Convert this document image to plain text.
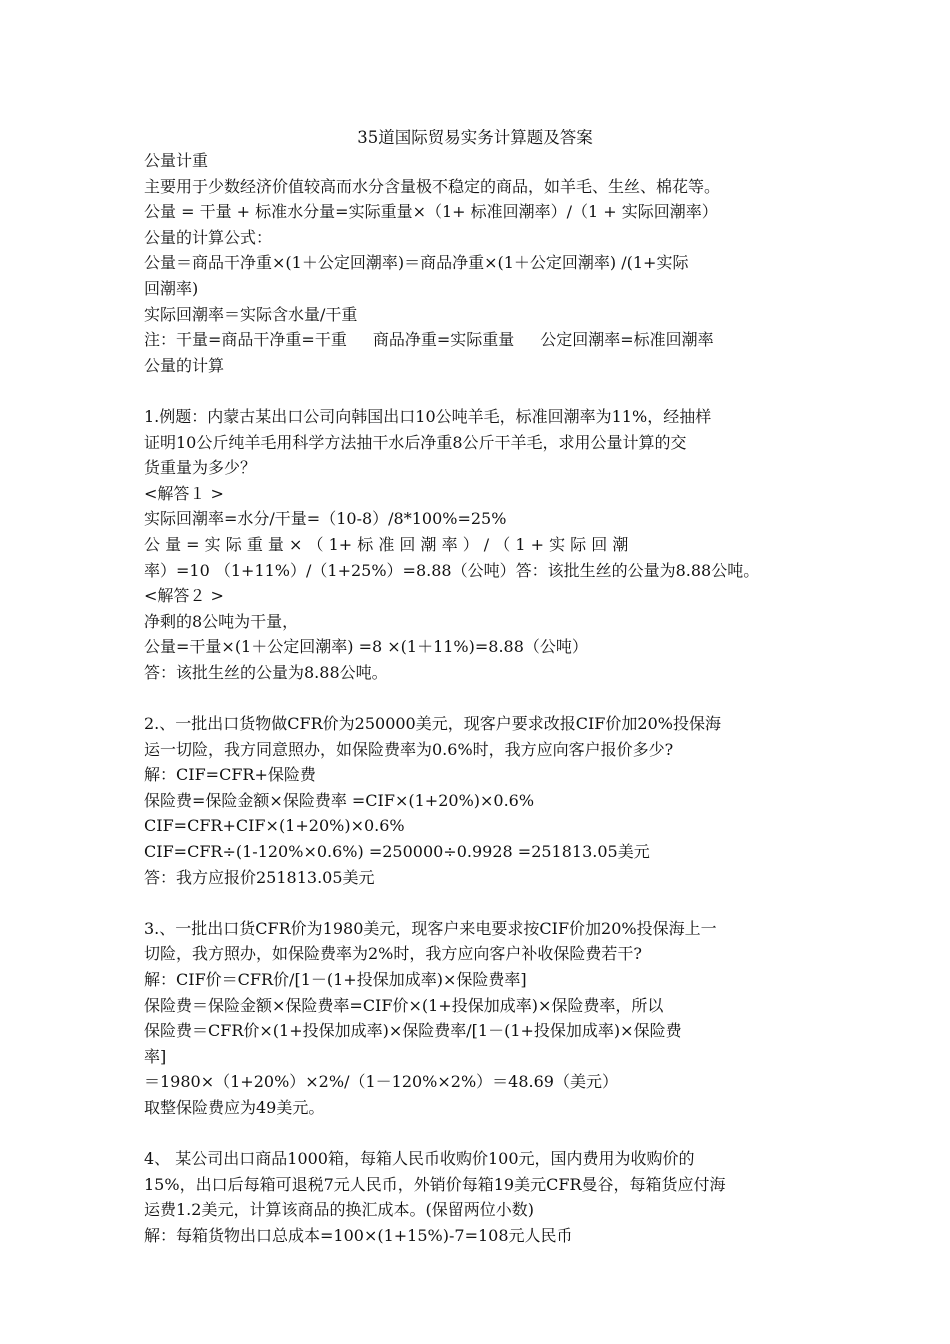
35道国际贸易实务计算题及答案
公量计重
主要用于少数经济价值较高而水分含量极不稳定的商品，如羊毛、生丝、棉花等。
公量 = 干量 + 标准水分量=实际重量×（1+ 标准回潮率）/（1 + 实际回潮率）
公量的计算公式：
公量＝商品干净重×(1＋公定回潮率)＝商品净重×(1＋公定回潮率) /(1+实际
回潮率)
实际回潮率＝实际含水量/干重
注：干量=商品干净重=干重 商品净重=实际重量 公定回潮率=标准回潮率
公量的计算
1.例题：内蒙古某出口公司向韩国出口10公吨羊毛，标准回潮率为11%，经抽样
证明10公斤纯羊毛用科学方法抽干水后净重8公斤干羊毛，求用公量计算的交
货重量为多少？
<解答１ >
实际回潮率=水分/干量=（10-8）/8*100%=25%
公 量 = 实 际 重 量 × （ 1+ 标 准 回 潮 率 ） / （ 1 + 实 际 回 潮
率）=10 （1+11%）/（1+25%）=8.88（公吨）答：该批生丝的公量为8.88公吨。
<解答２ >
净剩的8公吨为干量，
公量=干量×(1＋公定回潮率) =8 ×(1＋11%)=8.88（公吨）
答：该批生丝的公量为8.88公吨。
2.、一批出口货物做CFR价为250000美元，现客户要求改报CIF价加20%投保海
运一切险，我方同意照办，如保险费率为0.6%时，我方应向客户报价多少?
解：CIF=CFR+保险费
保险费=保险金额×保险费率 =CIF×(1+20%)×0.6%
CIF=CFR+CIF×(1+20%)×0.6%
CIF=CFR÷(1-120%×0.6%) =250000÷0.9928 =251813.05美元
答：我方应报价251813.05美元
3.、一批出口货CFR价为1980美元，现客户来电要求按CIF价加20%投保海上一
切险，我方照办，如保险费率为2%时，我方应向客户补收保险费若干?
解：CIF价＝CFR价/[1－(1+投保加成率)×保险费率]
保险费＝保险金额×保险费率=CIF价×(1+投保加成率)×保险费率，所以
保险费＝CFR价×(1+投保加成率)×保险费率/[1－(1+投保加成率)×保险费
率]
＝1980×（1+20%）×2%/（1－120%×2%）＝48.69（美元）
取整保险费应为49美元。
4、 某公司出口商品1000箱，每箱人民币收购价100元，国内费用为收购价的
15%，出口后每箱可退税7元人民币，外销价每箱19美元CFR曼谷，每箱货应付海
运费1.2美元，计算该商品的换汇成本。(保留两位小数)
解：每箱货物出口总成本=100×(1+15%)-7=108元人民币
